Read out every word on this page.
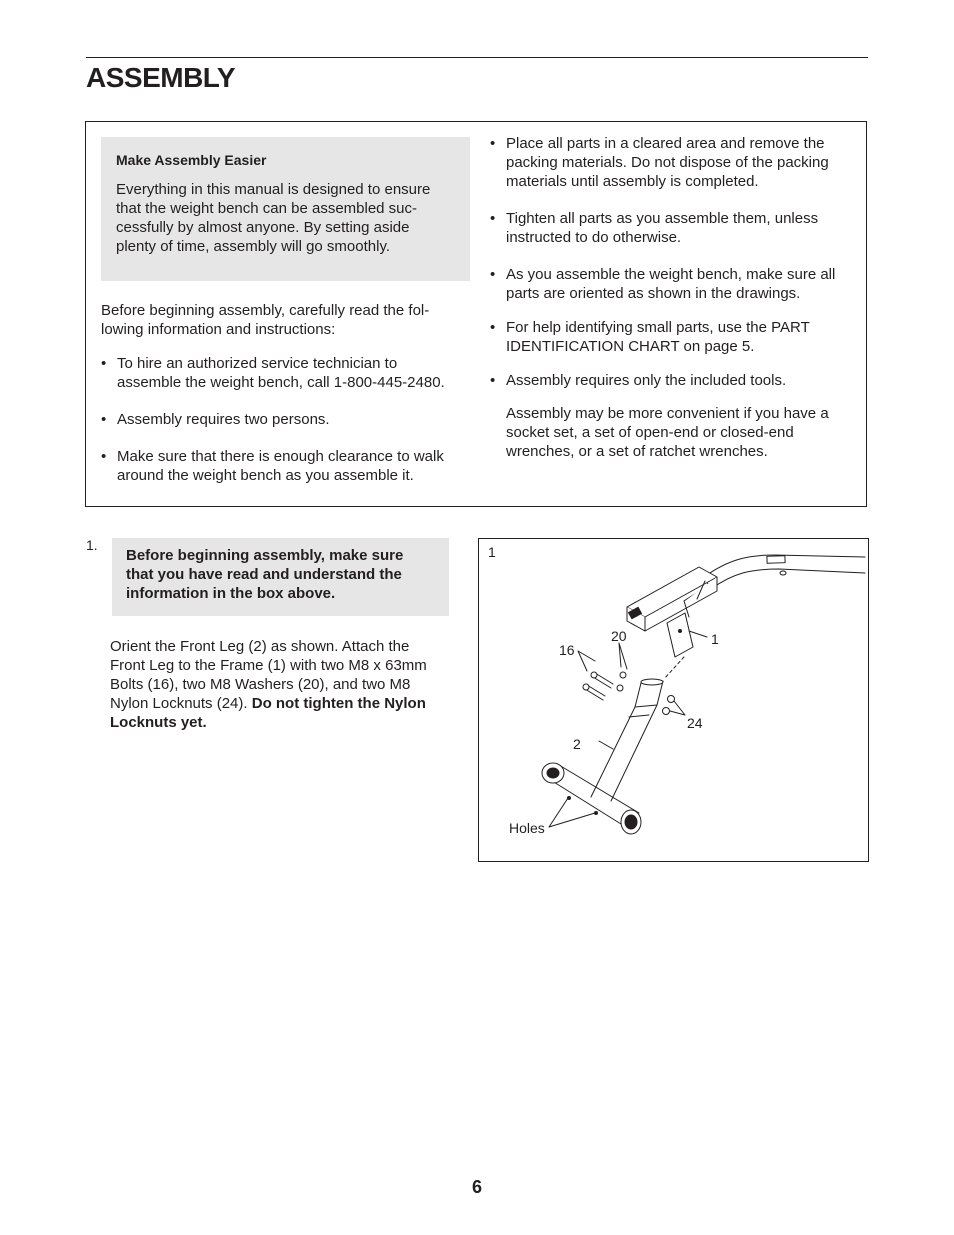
ASSEMBLY

Make Assembly Easier

Everything in this manual is designed to ensure
that the weight bench can be assembled suc-
cessfully by almost anyone. By setting aside
plenty of time, assembly will go smoothly.

Before beginning assembly, carefully read the fol-
lowing information and instructions:

• To hire an authorized service technician to
assemble the weight bench, call 1-800-445-2480.
• Assembly requires two persons.
• Make sure that there is enough clearance to walk
around the weight bench as you assemble it.
• Place all parts in a cleared area and remove the
packing materials. Do not dispose of the packing
materials until assembly is completed.
• Tighten all parts as you assemble them, unless
instructed to do otherwise.
• As you assemble the weight bench, make sure all
parts are oriented as shown in the drawings.
• For help identifying small parts, use the PART
IDENTIFICATION CHART on page 5.
• Assembly requires only the included tools.

Assembly may be more convenient if you have a
socket set, a set of open-end or closed-end
wrenches, or a set of ratchet wrenches.

1.
Before beginning assembly, make sure
that you have read and understand the
information in the box above.

Orient the Front Leg (2) as shown. Attach the
Front Leg to the Frame (1) with two M8 x 63mm
Bolts (16), two M8 Washers (20), and two M8
Nylon Locknuts (24). Do not tighten the Nylon
Locknuts yet.

1
1
16
20
24
2
Holes
6
